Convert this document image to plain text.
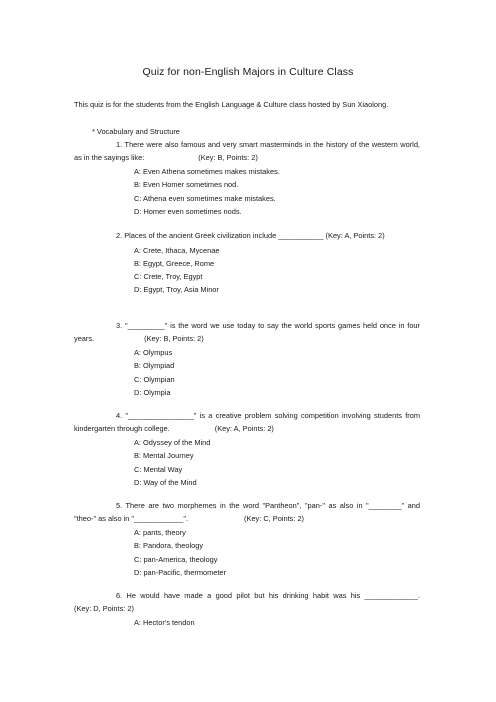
Quiz for non-English Majors in Culture Class
This quiz is for the students from the English Language & Culture class hosted by Sun Xiaolong.
* Vocabulary and Structure
1. There were also famous and very smart masterminds in the history of the western world, as in the sayings like:	(Key: B, Points: 2)
A: Even Athena sometimes makes mistakes.
B: Even Homer sometimes nod.
C: Athena even sometimes make mistakes.
D: Homer even sometimes nods.
2. Places of the ancient Greek civilization include ___________ (Key: A, Points: 2)
A: Crete, Ithaca, Mycenae
B: Egypt, Greece, Rome
C: Crete, Troy, Egypt
D: Egypt, Troy, Asia Minor
3. "_________" is the word we use today to say the world sports games held once in four years.	(Key: B, Points: 2)
A: Olympus
B: Olympiad
C: Olympian
D: Olympia
4. "________________" is a creative problem solving competition involving students from kindergarten through college.	(Key: A, Points: 2)
A: Odyssey of the Mind
B: Mental Journey
C: Mental Way
D: Way of the Mind
5. There are two morphemes in the word "Pantheon", "pan-" as also in "________" and "theo-" as also in "____________".	(Key: C, Points: 2)
A: pants, theory
B: Pandora, theology
C: pan-America, theology
D: pan-Pacific, thermometer
6. He would have made a good pilot but his drinking habit was his _____________. (Key: D, Points: 2)
A: Hector's tendon
